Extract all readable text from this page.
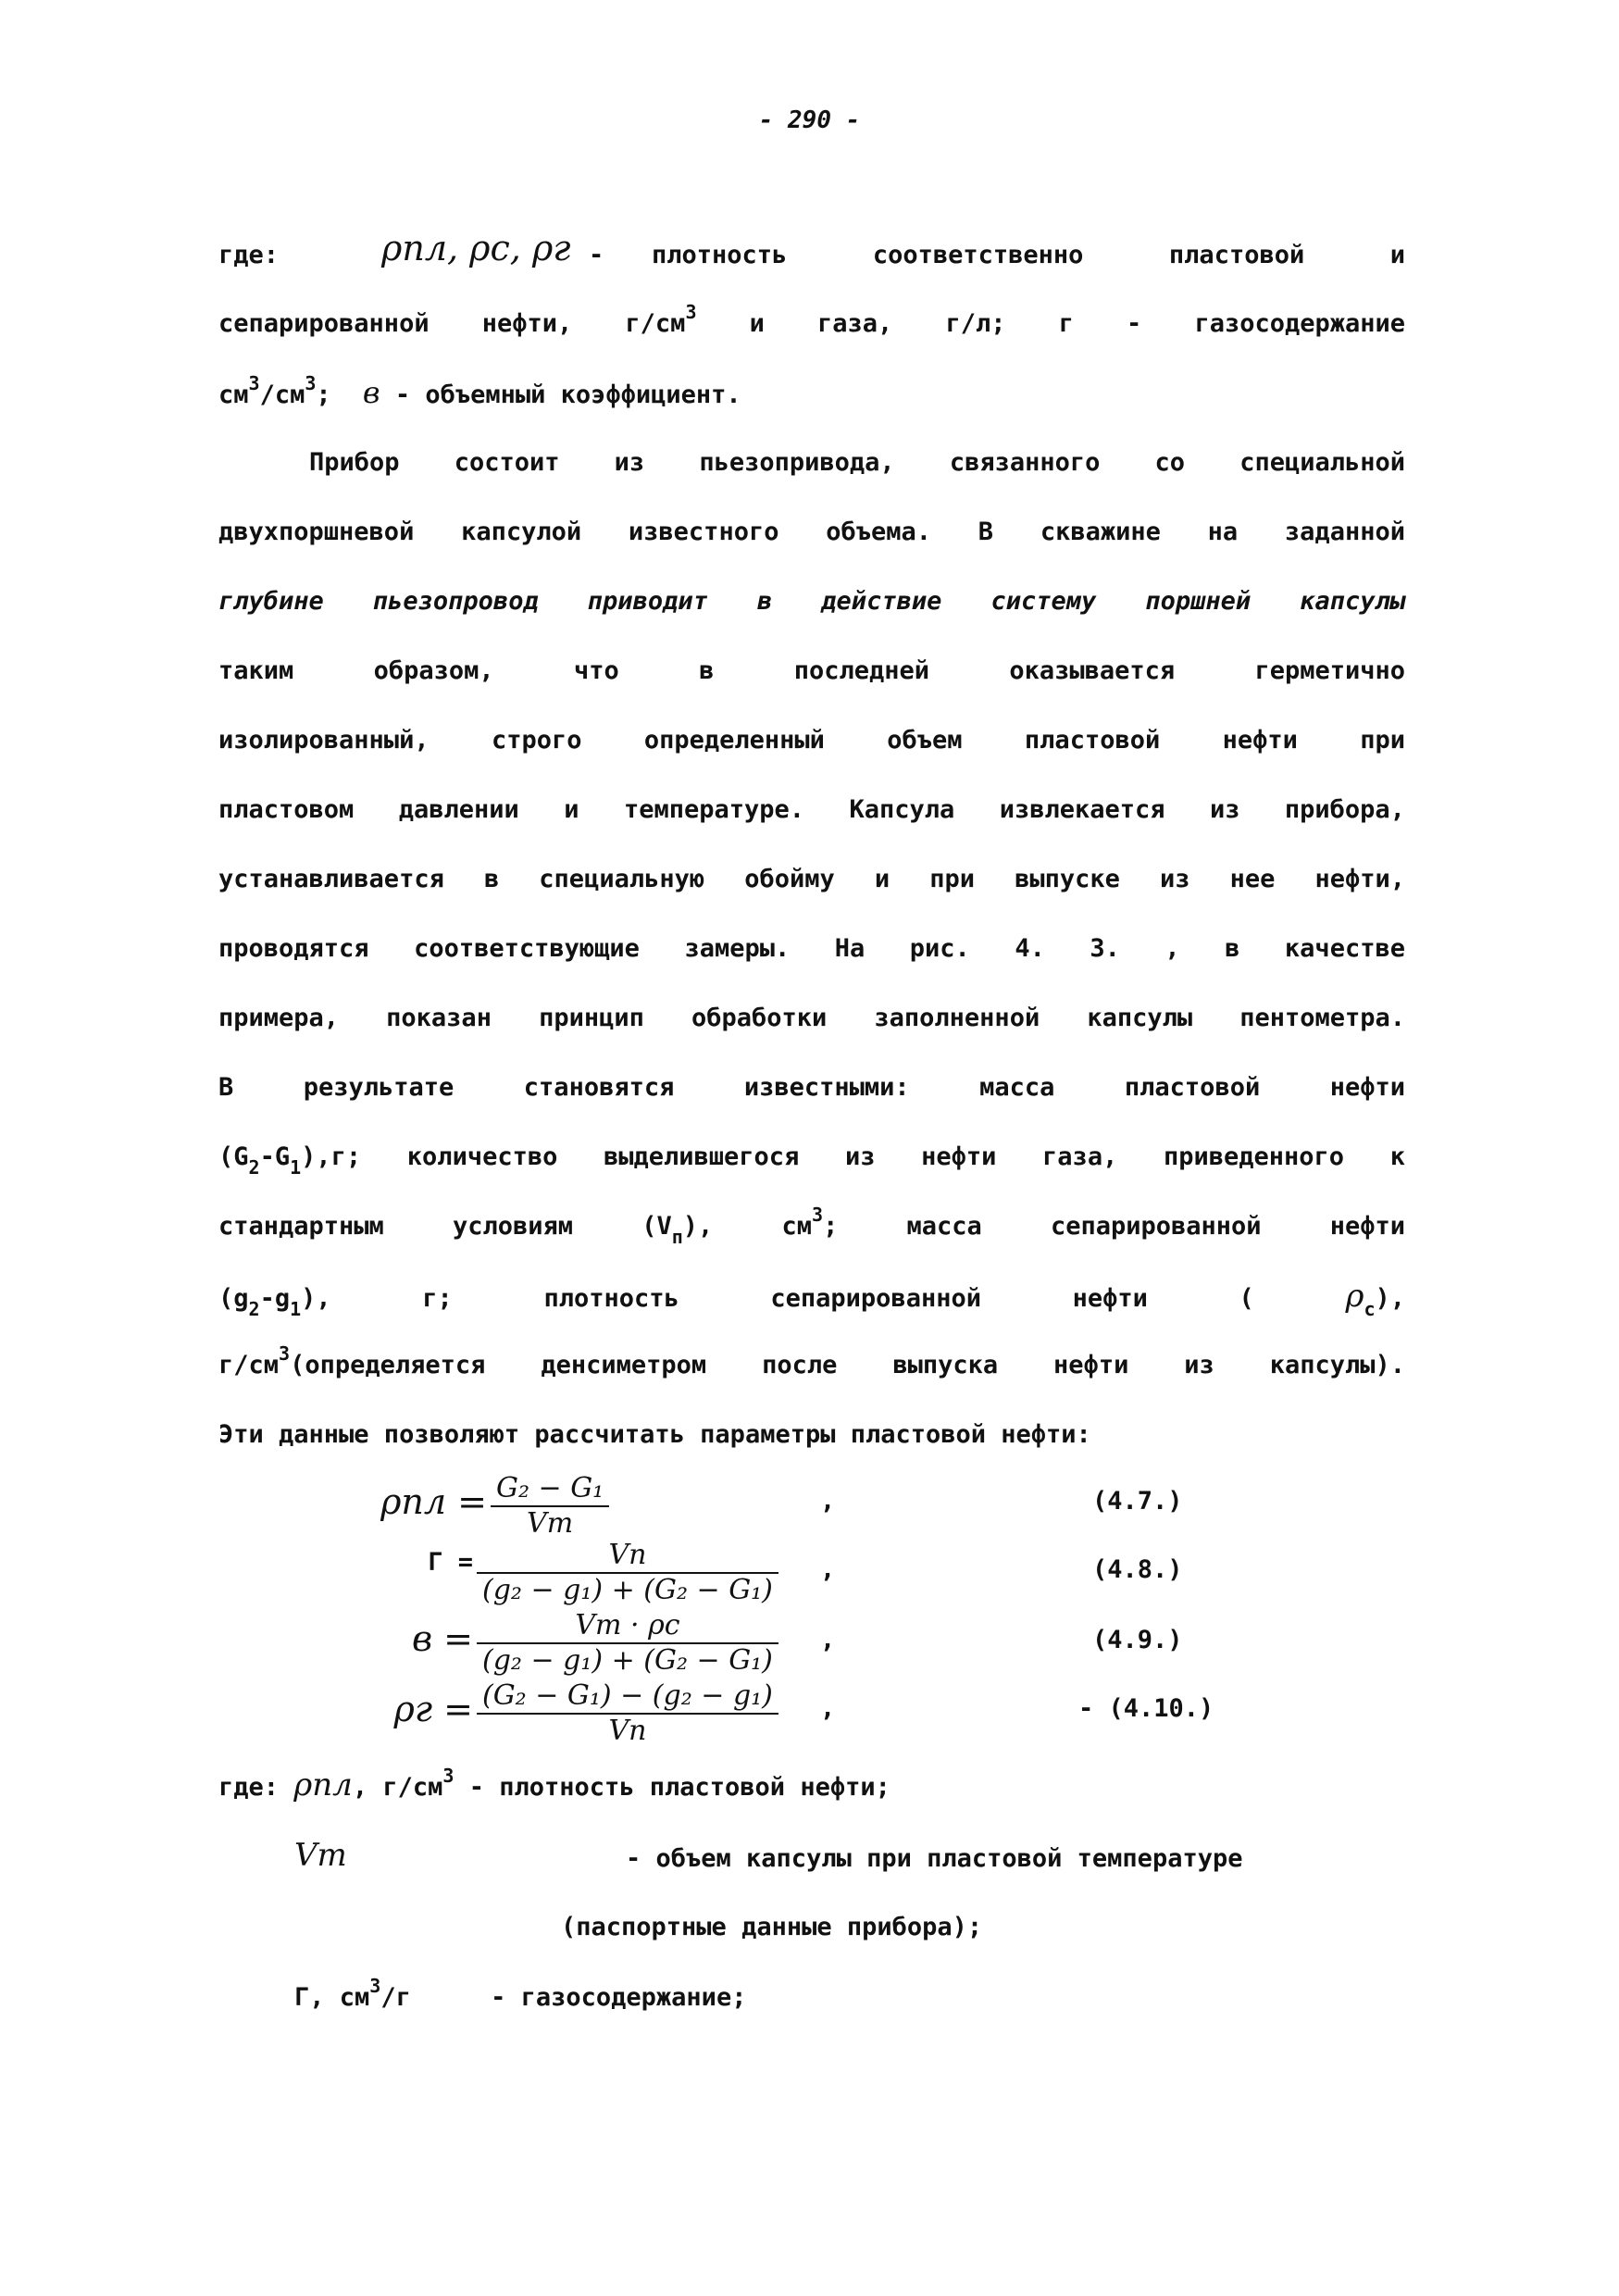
- 290 -
где:	ρпл, ρс, ρг - плотность	соответственно	пластовой	и
сепарированной нефти, $г/см^3$ и газа, г/л; г - газосодержание
$см^3/см^3$; в - объемный коэффициент.
Прибор состоит из пьезопривода, связанного со специальной
двухпоршневой капсулой известного объема. В скважине на заданной
глубине пьезопровод приводит в действие систему поршней капсулы
таким	образом,	что	в	последней	оказывается	герметично
изолированный, строго определенный объем пластовой нефти при
пластовом давлении и температуре. Капсула извлекается из прибора,
устанавливается в специальную обойму и при выпуске из нее нефти,
проводятся соответствующие замеры. На рис. 4. 3. , в качестве
примера, показан принцип обработки заполненной капсулы пентометра.
В	результате	становятся	известными:	масса	пластовой	нефти
$(G_2-G_1),г$; количество выделившегося из нефти газа, приведенного к
стандартным	условиям	$(V_п)$,	$см^3$;	масса	сепарированной	нефти
$(g_2-g_1)$,	г;	плотность	сепарированной	нефти	(	$\rho_с$),
$г/см^3(определяется$ денсиметром после выпуска нефти из капсулы).
Эти данные позволяют рассчитать параметры пластовой нефти:
ρпл = G₂ − G₁
Vт
,	(4.7.)
Г =	Vп
(g₂ − g₁) + (G₂ − G₁)
,	(4.8.)
в =	Vт · ρс
(g₂ − g₁) + (G₂ − G₁)
,	(4.9.)
ρг = (G₂ − G₁) − (g₂ − g₁)
Vп
,	- (4.10.)
где: ρпл, $г/см^3$ - плотность пластовой нефти;
Vт	- объем капсулы при пластовой температуре
(паспортные данные прибора);
Г, $см^3/г$	- газосодержание;
